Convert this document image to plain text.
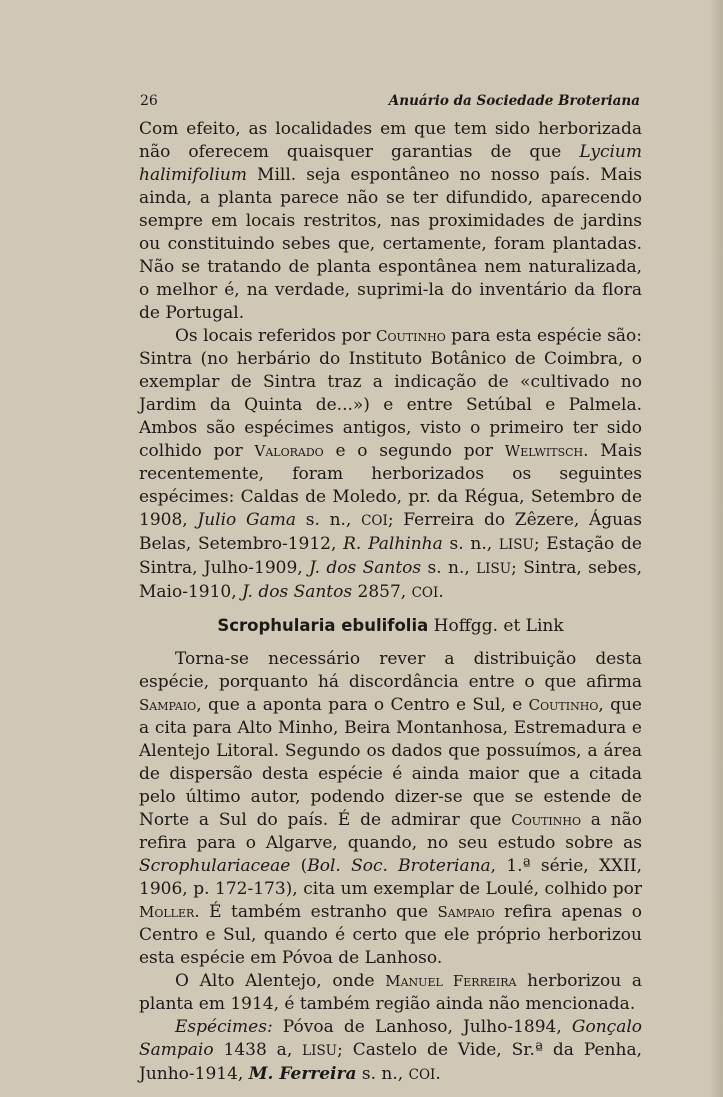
26	Anuário da Sociedade Broteriana

Com efeito, as localidades em que tem sido herborizada não oferecem quaisquer garantias de que Lycium halimifolium Mill. seja espontâneo no nosso país. Mais ainda, a planta parece não se ter difundido, aparecendo sempre em locais restritos, nas proximidades de jardins ou constituindo sebes que, certamente, foram plantadas. Não se tratando de planta espontânea nem naturalizada, o melhor é, na verdade, suprimi-la do inventário da flora de Portugal.

Os locais referidos por Coutinho para esta espécie são: Sintra (no herbário do Instituto Botânico de Coimbra, o exemplar de Sintra traz a indicação de «cultivado no Jardim da Quinta de...») e entre Setúbal e Palmela. Ambos são espécimes antigos, visto o primeiro ter sido colhido por Valorado e o segundo por Welwitsch. Mais recentemente, foram herborizados os seguintes espécimes: Caldas de Moledo, pr. da Régua, Setembro de 1908, Julio Gama s. n., COI; Ferreira do Zêzere, Águas Belas, Setembro-1912, R. Palhinha s. n., LISU; Estação de Sintra, Julho-1909, J. dos Santos s. n., LISU; Sintra, sebes, Maio-1910, J. dos Santos 2857, COI.

Scrophularia ebulifolia Hoffgg. et Link

Torna-se necessário rever a distribuição desta espécie, porquanto há discordância entre o que afirma Sampaio, que a aponta para o Centro e Sul, e Coutinho, que a cita para Alto Minho, Beira Montanhosa, Estremadura e Alentejo Litoral. Segundo os dados que possuímos, a área de dispersão desta espécie é ainda maior que a citada pelo último autor, podendo dizer-se que se estende de Norte a Sul do país. É de admirar que Coutinho a não refira para o Algarve, quando, no seu estudo sobre as Scrophulariaceae (Bol. Soc. Broteriana, 1.ª série, XXII, 1906, p. 172-173), cita um exemplar de Loulé, colhido por Moller. É também estranho que Sampaio refira apenas o Centro e Sul, quando é certo que ele próprio herborizou esta espécie em Póvoa de Lanhoso.

O Alto Alentejo, onde Manuel Ferreira herborizou a planta em 1914, é também região ainda não mencionada.

Espécimes: Póvoa de Lanhoso, Julho-1894, Gonçalo Sampaio 1438 a, LISU; Castelo de Vide, Sr.ª da Penha, Junho-1914, M. Ferreira s. n., COI.
